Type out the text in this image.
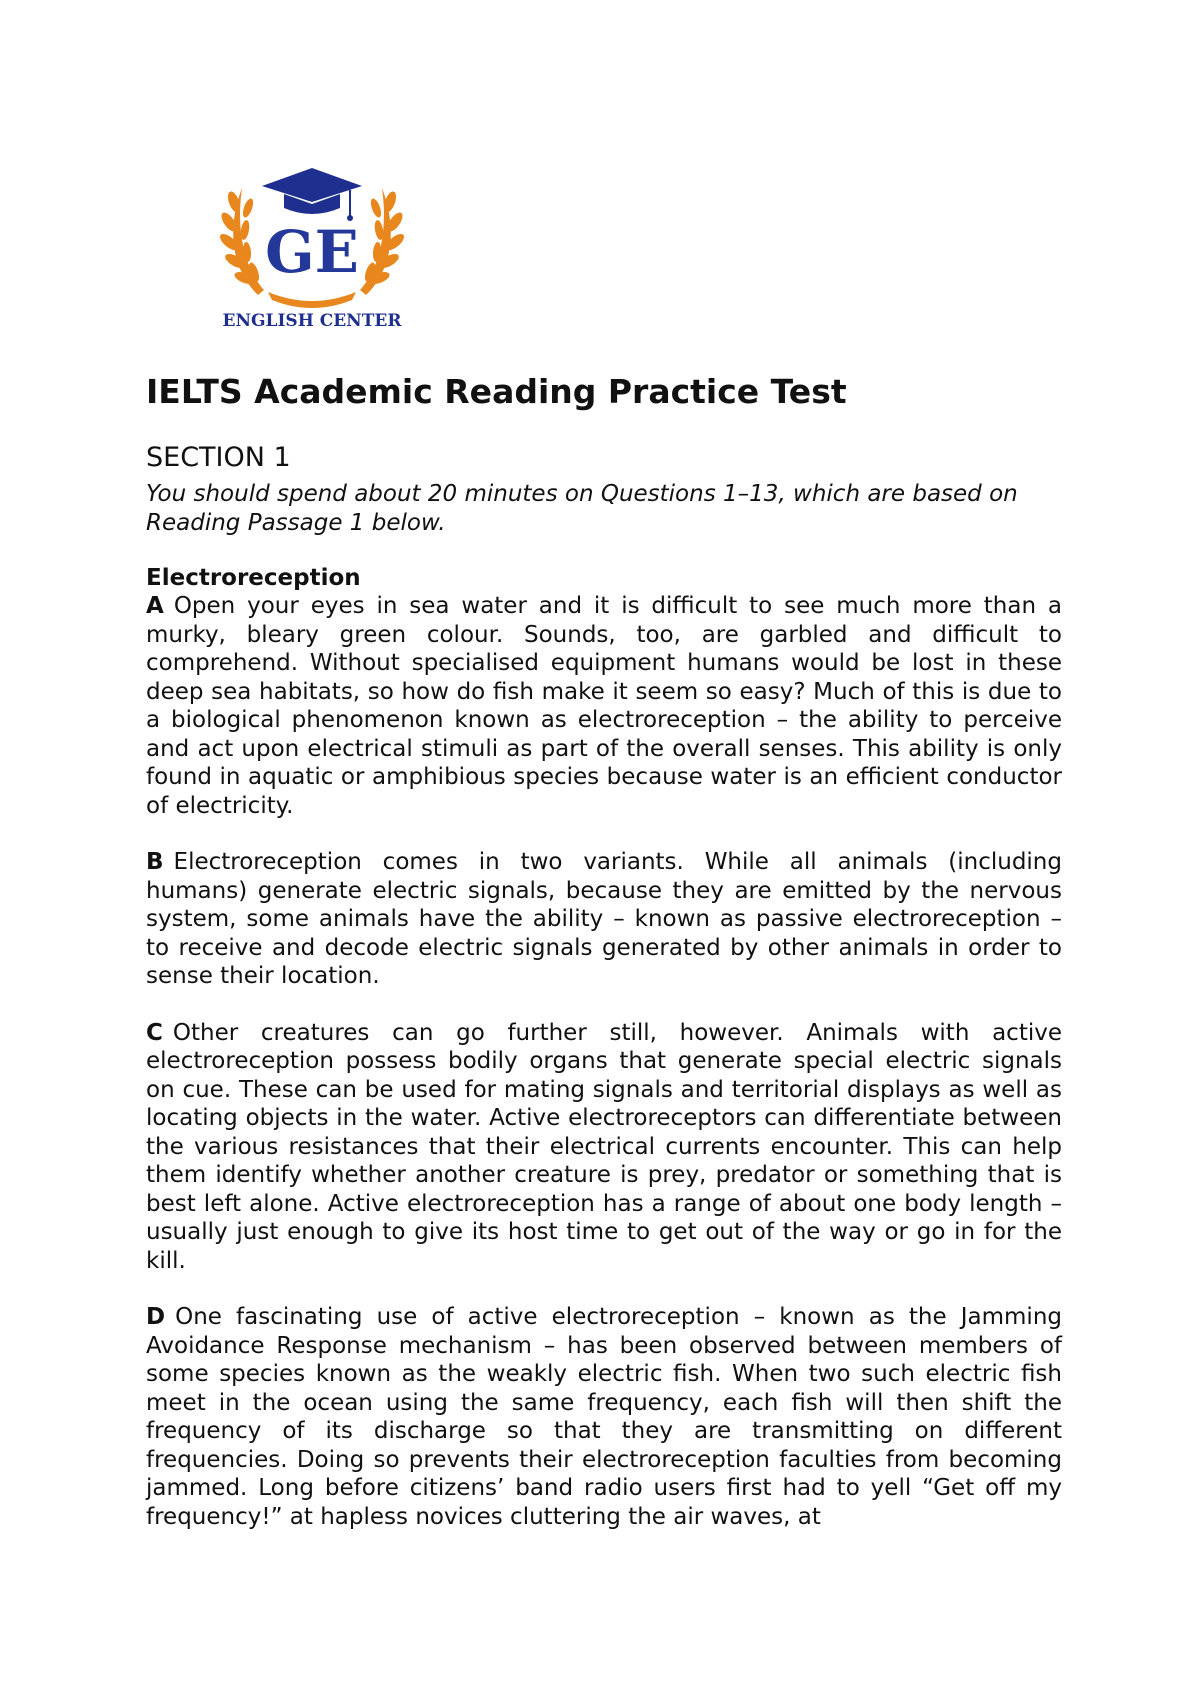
GE
ENGLISH CENTER
IELTS Academic Reading Practice Test
SECTION 1

You should spend about 20 minutes on Questions 1–13, which are based on Reading Passage 1 below.

Electroreception

A Open your eyes in sea water and it is difficult to see much more than a murky, bleary green colour. Sounds, too, are garbled and difficult to comprehend. Without specialised equipment humans would be lost in these deep sea habitats, so how do fish make it seem so easy? Much of this is due to a biological phenomenon known as electroreception – the ability to perceive and act upon electrical stimuli as part of the overall senses. This ability is only found in aquatic or amphibious species because water is an efficient conductor of electricity.

B Electroreception comes in two variants. While all animals (including humans) generate electric signals, because they are emitted by the nervous system, some animals have the ability – known as passive electroreception – to receive and decode electric signals generated by other animals in order to sense their location.

C Other creatures can go further still, however. Animals with active electroreception possess bodily organs that generate special electric signals on cue. These can be used for mating signals and territorial displays as well as locating objects in the water. Active electroreceptors can differentiate between the various resistances that their electrical currents encounter. This can help them identify whether another creature is prey, predator or something that is best left alone. Active electroreception has a range of about one body length – usually just enough to give its host time to get out of the way or go in for the kill.

D One fascinating use of active electroreception – known as the Jamming Avoidance Response mechanism – has been observed between members of some species known as the weakly electric fish. When two such electric fish meet in the ocean using the same frequency, each fish will then shift the frequency of its discharge so that they are transmitting on different frequencies. Doing so prevents their electroreception faculties from becoming jammed. Long before citizens’ band radio users first had to yell “Get off my frequency!” at hapless novices cluttering the air waves, at
